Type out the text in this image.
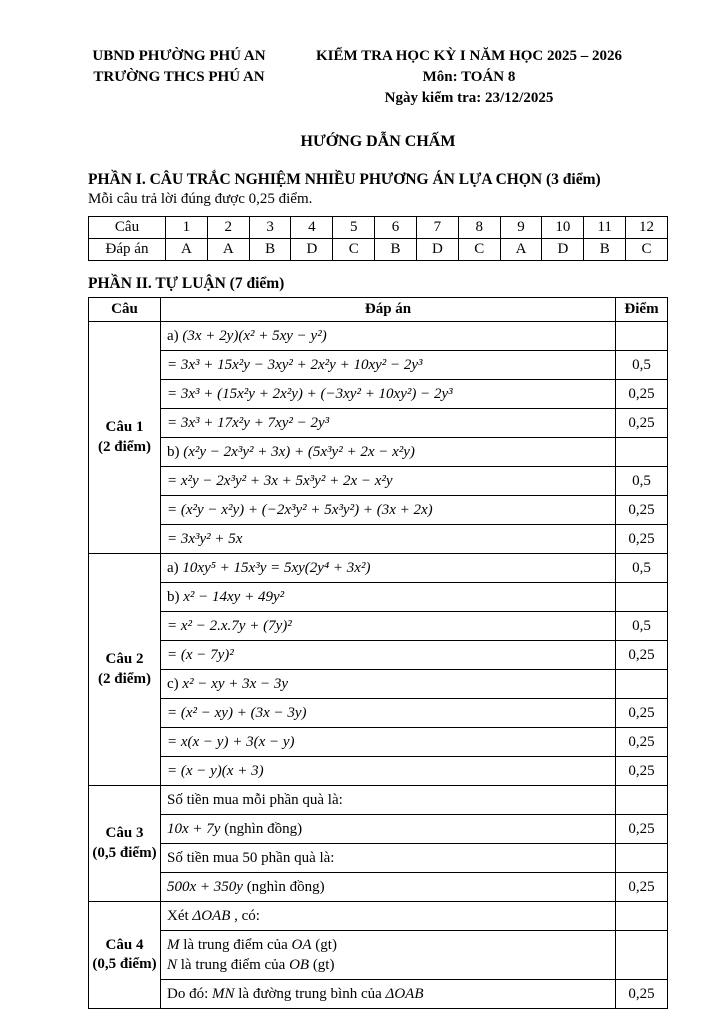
UBND PHƯỜNG PHÚ AN
TRƯỜNG THCS PHÚ AN
KIỂM TRA HỌC KỲ I NĂM HỌC 2025 – 2026
Môn: TOÁN 8
Ngày kiểm tra: 23/12/2025
HƯỚNG DẪN CHẤM
PHẦN I. CÂU TRẮC NGHIỆM NHIỀU PHƯƠNG ÁN LỰA CHỌN (3 điểm)
Mỗi câu trả lời đúng được 0,25 điểm.
Câu	1	2	3	4	5	6	7	8	9	10	11	12
Đáp án	A	A	B	D	C	B	D	C	A	D	B	C
PHẦN II. TỰ LUẬN (7 điểm)
Câu	Đáp án	Điểm

Câu 1
(2 điểm)	a) (3x + 2y)(x² + 5xy − y²)	

	= 3x³ + 15x²y − 3xy² + 2x²y + 10xy² − 2y³	0,5

	= 3x³ + (15x²y + 2x²y) + (−3xy² + 10xy²) − 2y³	0,25

	= 3x³ + 17x²y + 7xy² − 2y³	0,25

	b) (x²y − 2x³y² + 3x) + (5x³y² + 2x − x²y)	

	= x²y − 2x³y² + 3x + 5x³y² + 2x − x²y	0,5

	= (x²y − x²y) + (−2x³y² + 5x³y²) + (3x + 2x)	0,25

	= 3x³y² + 5x	0,25

Câu 2
(2 điểm)	a) 10xy⁵ + 15x³y = 5xy(2y⁴ + 3x²)	0,5

	b) x² − 14xy + 49y²	

	= x² − 2.x.7y + (7y)²	0,5

	= (x − 7y)²	0,25

	c) x² − xy + 3x − 3y	

	= (x² − xy) + (3x − 3y)	0,25

	= x(x − y) + 3(x − y)	0,25

	= (x − y)(x + 3)	0,25

Câu 3
(0,5 điểm)	Số tiền mua mỗi phần quà là:	

	10x + 7y (nghìn đồng)	0,25

	Số tiền mua 50 phần quà là:	

	500x + 350y (nghìn đồng)	0,25

Câu 4
(0,5 điểm)	Xét ΔOAB , có:	

	M là trung điểm của OA (gt)
N là trung điểm của OB (gt)	

	Do đó: MN là đường trung bình của ΔOAB	0,25
